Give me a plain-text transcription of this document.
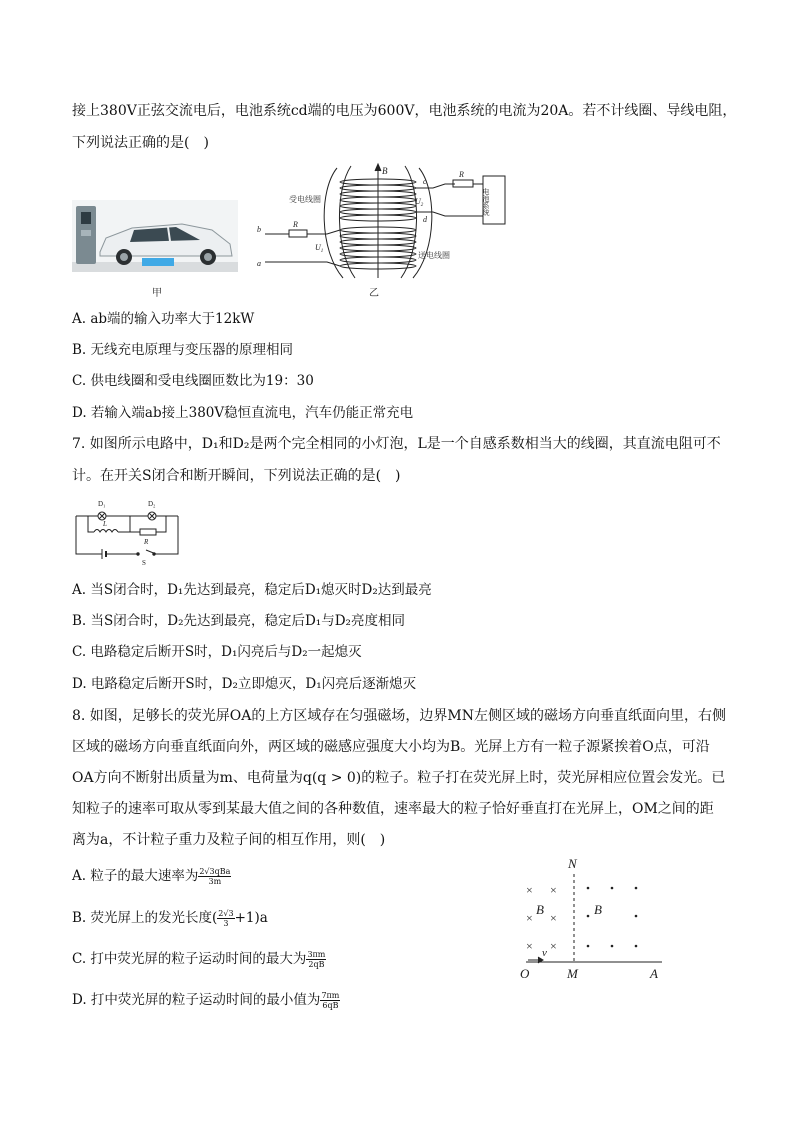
接上380V正弦交流电后，电池系统cd端的电压为600V，电池系统的电流为20A。若不计线圈、导线电阻，
下列说法正确的是(　)
甲
B
受电线圈
送电线圈
c
d
R
$U_2$	电池系统
b
a
R
$U_1$
乙
A. ab端的输入功率大于12kW
B. 无线充电原理与变压器的原理相同
C. 供电线圈和受电线圈匝数比为19：30
D. 若输入端ab接上380V稳恒直流电，汽车仍能正常充电
7. 如图所示电路中，D₁和D₂是两个完全相同的小灯泡，L是一个自感系数相当大的线圈，其直流电阻可不
计。在开关S闭合和断开瞬间，下列说法正确的是(　)
S
D₁	D₂
L
R
A. 当S闭合时，D₁先达到最亮，稳定后D₁熄灭时D₂达到最亮
B. 当S闭合时，D₂先达到最亮，稳定后D₁与D₂亮度相同
C. 电路稳定后断开S时，D₁闪亮后与D₂一起熄灭
D. 电路稳定后断开S时，D₂立即熄灭，D₁闪亮后逐渐熄灭
8. 如图，足够长的荧光屏OA的上方区域存在匀强磁场，边界MN左侧区域的磁场方向垂直纸面向里，右侧
区域的磁场方向垂直纸面向外，两区域的磁感应强度大小均为B。光屏上方有一粒子源紧挨着O点，可沿
OA方向不断射出质量为m、电荷量为q(q > 0)的粒子。粒子打在荧光屏上时，荧光屏相应位置会发光。已
知粒子的速率可取从零到某最大值之间的各种数值，速率最大的粒子恰好垂直打在光屏上，OM之间的距
离为a，不计粒子重力及粒子间的相互作用，则(　)
A. 粒子的最大速率为 $\frac{\text{2√3qBa}}{3m}$
B. 荧光屏上的发光长度( $\frac{2√3}{3} +1)a$
C. 打中荧光屏的粒子运动时间的最大为 $\frac{3\pi m}{2qB}$
D. 打中荧光屏的粒子运动时间的最小值为 $\frac{7\pi m}{6qB}$
N
× ×
× ×
× ×
B	B
v
O	M	A
